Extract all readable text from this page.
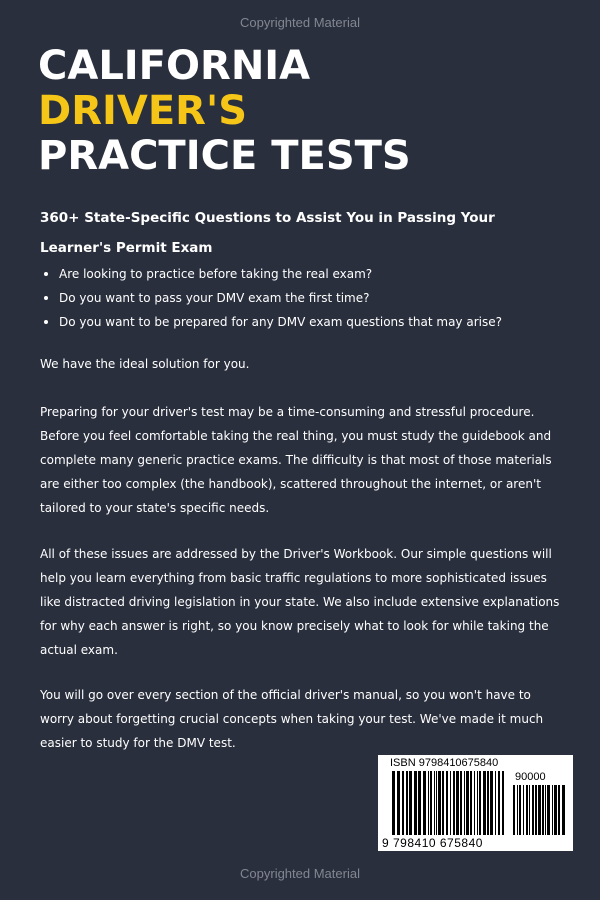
Copyrighted Material
CALIFORNIA
DRIVER'S
PRACTICE TESTS

360+ State-Specific Questions to Assist You in Passing Your Learner's Permit Exam

Are looking to practice before taking the real exam?
Do you want to pass your DMV exam the first time?
Do you want to be prepared for any DMV exam questions that may arise?

We have the ideal solution for you.

Preparing for your driver's test may be a time-consuming and stressful procedure. Before you feel comfortable taking the real thing, you must study the guidebook and complete many generic practice exams. The difficulty is that most of those materials are either too complex (the handbook), scattered throughout the internet, or aren't tailored to your state's specific needs.

All of these issues are addressed by the Driver's Workbook. Our simple questions will help you learn everything from basic traffic regulations to more sophisticated issues like distracted driving legislation in your state. We also include extensive explanations for why each answer is right, so you know precisely what to look for while taking the actual exam.

You will go over every section of the official driver's manual, so you won't have to worry about forgetting crucial concepts when taking your test. We've made it much easier to study for the DMV test.

ISBN 9798410675840
90000
9 798410 675840
Copyrighted Material
